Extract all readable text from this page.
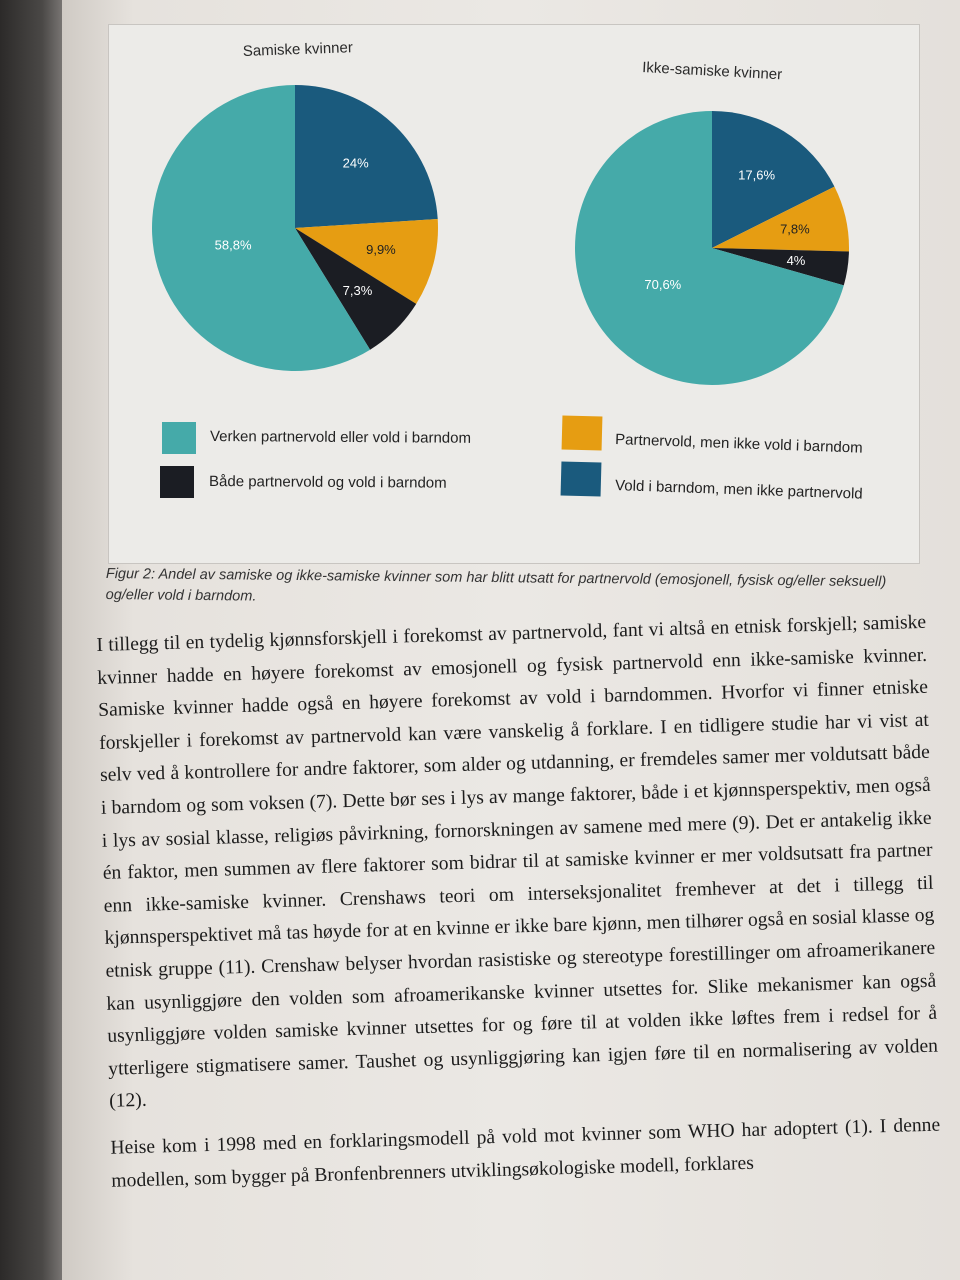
Samiske kvinner
Ikke-samiske kvinner
24%
9,9%
7,3%
58,8%
17,6%
7,8%
4%
70,6%
Verken partnervold eller vold i barndom
Både partnervold og vold i barndom
Partnervold, men ikke vold i barndom
Vold i barndom, men ikke partnervold
Figur 2: Andel av samiske og ikke-samiske kvinner som har blitt utsatt for partnervold (emosjonell, fysisk og/eller seksuell) og/eller vold i barndom.

I tillegg til en tydelig kjønnsforskjell i forekomst av partnervold, fant vi altså en etnisk forskjell; samiske kvinner hadde en høyere forekomst av emosjonell og fysisk partnervold enn ikke-samiske kvinner. Samiske kvinner hadde også en høyere forekomst av vold i barndommen. Hvorfor vi finner etniske forskjeller i forekomst av partnervold kan være vanskelig å forklare. I en tidligere studie har vi vist at selv ved å kontrollere for andre faktorer, som alder og utdanning, er fremdeles samer mer voldutsatt både i barndom og som voksen (7). Dette bør ses i lys av mange faktorer, både i et kjønnsperspektiv, men også i lys av sosial klasse, religiøs påvirkning, fornorskningen av samene med mere (9). Det er antakelig ikke én faktor, men summen av flere faktorer som bidrar til at samiske kvinner er mer voldsutsatt fra partner enn ikke-samiske kvinner. Crenshaws teori om interseksjonalitet fremhever at det i tillegg til kjønnsperspektivet må tas høyde for at en kvinne er ikke bare kjønn, men tilhører også en sosial klasse og etnisk gruppe (11). Crenshaw belyser hvordan rasistiske og stereotype forestillinger om afroamerikanere kan usynliggjøre den volden som afroamerikanske kvinner utsettes for. Slike mekanismer kan også usynliggjøre volden samiske kvinner utsettes for og føre til at volden ikke løftes frem i redsel for å ytterligere stigmatisere samer. Taushet og usynliggjøring kan igjen føre til en normalisering av volden (12).

Heise kom i 1998 med en forklaringsmodell på vold mot kvinner som WHO har adoptert (1). I denne modellen, som bygger på Bronfenbrenners utviklingsøkologiske modell, forklares
